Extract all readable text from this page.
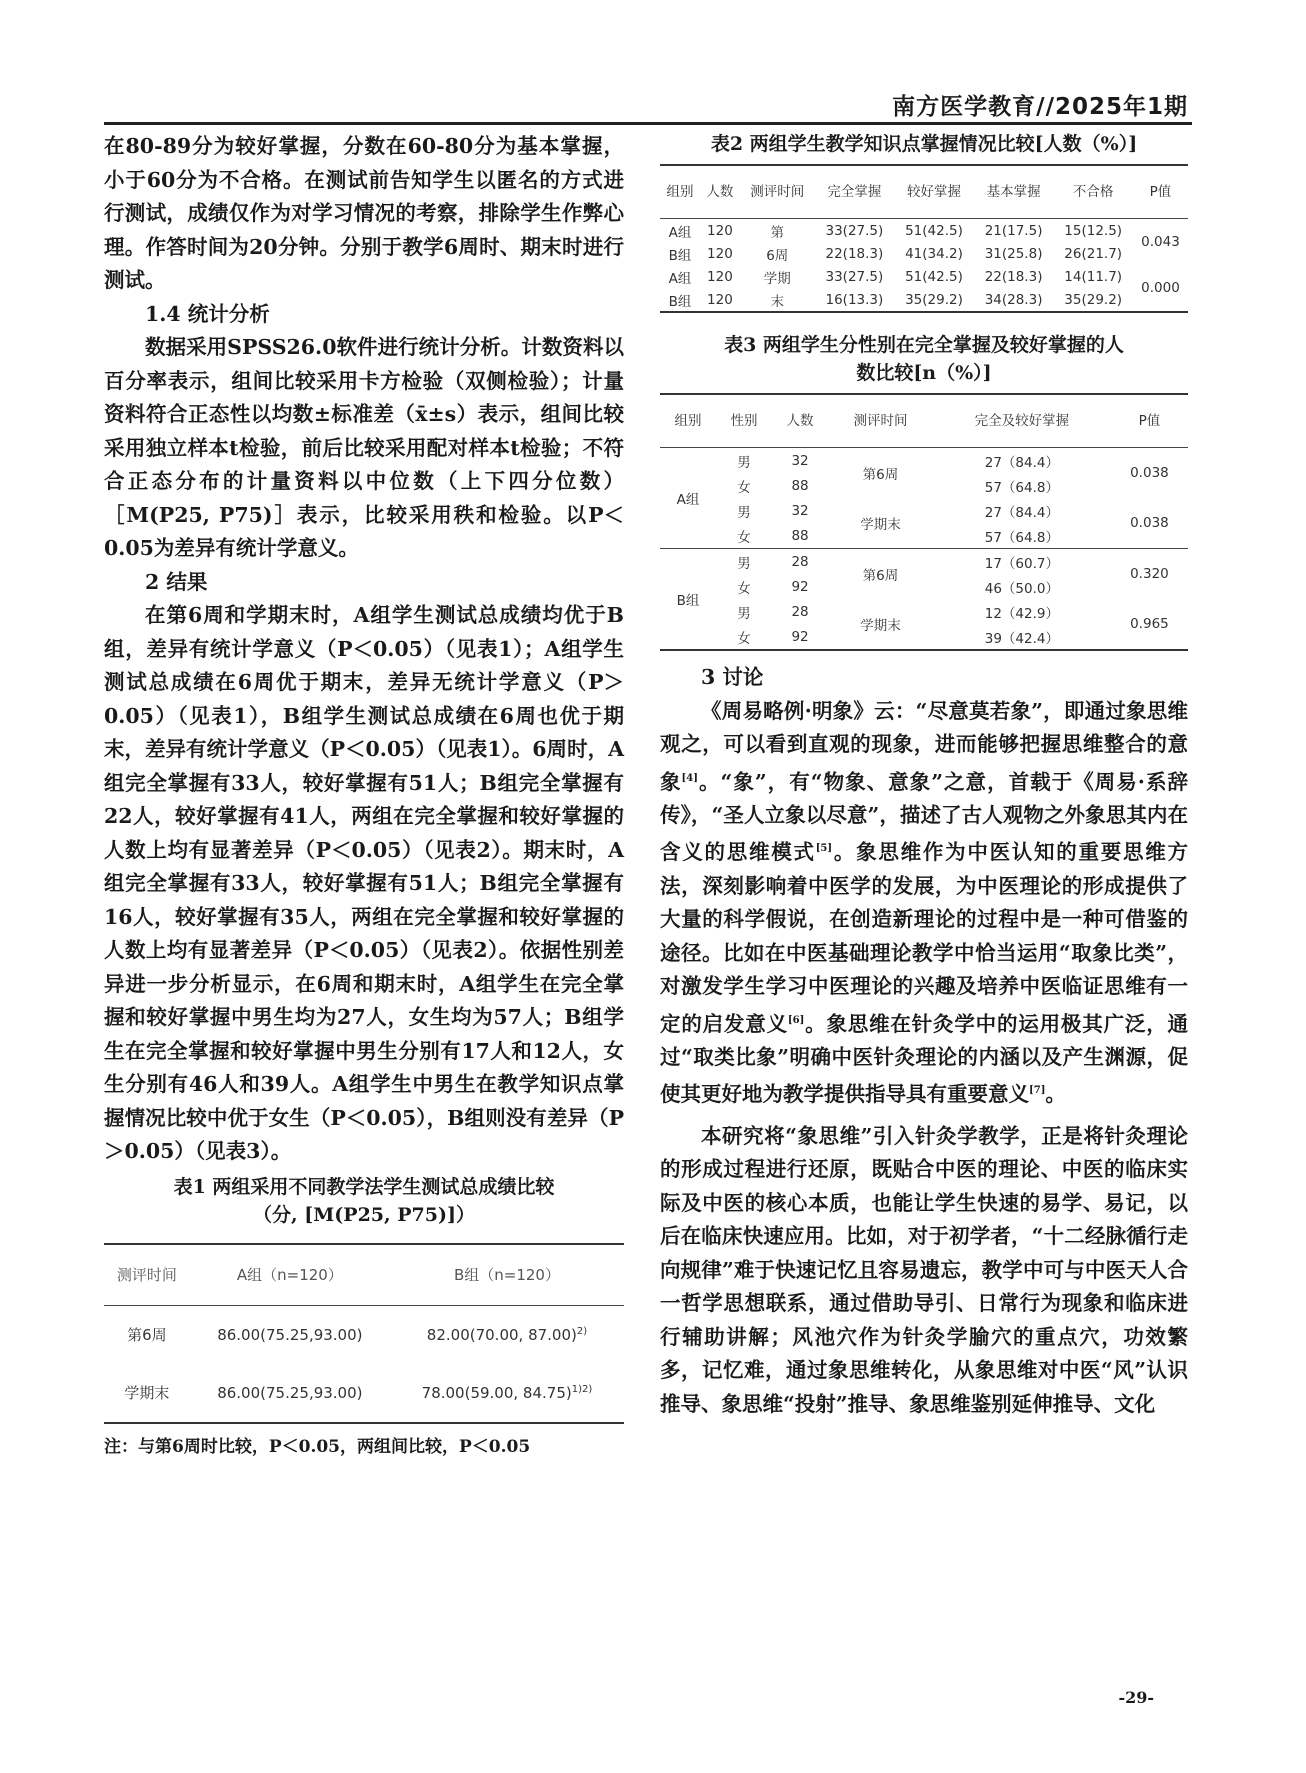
南方医学教育//2025年1期

在80-89分为较好掌握，分数在60-80分为基本掌握，小于60分为不合格。在测试前告知学生以匿名的方式进行测试，成绩仅作为对学习情况的考察，排除学生作弊心理。作答时间为20分钟。分别于教学6周时、期末时进行测试。

1.4 统计分析

数据采用SPSS26.0软件进行统计分析。计数资料以百分率表示，组间比较采用卡方检验（双侧检验）；计量资料符合正态性以均数±标准差（x̄±s）表示，组间比较采用独立样本t检验，前后比较采用配对样本t检验；不符合正态分布的计量资料以中位数（上下四分位数）［M(P25, P75)］表示，比较采用秩和检验。以P＜0.05为差异有统计学意义。

2 结果

在第6周和学期末时，A组学生测试总成绩均优于B组，差异有统计学意义（P＜0.05）（见表1）；A组学生测试总成绩在6周优于期末，差异无统计学意义（P＞0.05）（见表1），B组学生测试总成绩在6周也优于期末，差异有统计学意义（P＜0.05）（见表1）。6周时，A组完全掌握有33人，较好掌握有51人；B组完全掌握有22人，较好掌握有41人，两组在完全掌握和较好掌握的人数上均有显著差异（P＜0.05）（见表2）。期末时，A组完全掌握有33人，较好掌握有51人；B组完全掌握有16人，较好掌握有35人，两组在完全掌握和较好掌握的人数上均有显著差异（P＜0.05）（见表2）。依据性别差异进一步分析显示，在6周和期末时，A组学生在完全掌握和较好掌握中男生均为27人，女生均为57人；B组学生在完全掌握和较好掌握中男生分别有17人和12人，女生分别有46人和39人。A组学生中男生在教学知识点掌握情况比较中优于女生（P＜0.05），B组则没有差异（P＞0.05）（见表3）。

表1 两组采用不同教学法学生测试总成绩比较

（分, [M(P25, P75)]）

测评时间	A组（n=120）	B组（n=120）
第6周	86.00(75.25,93.00)	82.00(70.00, 87.00)$^{2)}$
学期末	86.00(75.25,93.00)	78.00(59.00, 84.75)$^{1)2)}$

注：与第6周时比较，P＜0.05，两组间比较，P＜0.05

表2 两组学生教学知识点掌握情况比较[人数（%）]

组别	人数	测评时间	完全掌握	较好掌握	基本掌握	不合格	P值
A组	120	第	33(27.5)	51(42.5)	21(17.5)	15(12.5)	0.043
B组	120	6周	22(18.3)	41(34.2)	31(25.8)	26(21.7)	
A组	120	学期	33(27.5)	51(42.5)	22(18.3)	14(11.7)	0.000
B组	120	末	16(13.3)	35(29.2)	34(28.3)	35(29.2)	

表3 两组学生分性别在完全掌握及较好掌握的人

数比较[n（%）]

组别	性别	人数	测评时间	完全及较好掌握	P值
A组	男	32	第6周	27（84.4）	0.038
	女	88		57（64.8）	
	男	32	学期末	27（84.4）	0.038
	女	88		57（64.8）	
B组	男	28	第6周	17（60.7）	0.320
	女	92		46（50.0）	
	男	28	学期末	12（42.9）	0.965
	女	92		39（42.4）	

3 讨论

《周易略例·明象》云：“尽意莫若象”，即通过象思维观之，可以看到直观的现象，进而能够把握思维整合的意象[4]。“象”，有“物象、意象”之意，首载于《周易·系辞传》，“圣人立象以尽意”，描述了古人观物之外象思其内在含义的思维模式[5]。象思维作为中医认知的重要思维方法，深刻影响着中医学的发展，为中医理论的形成提供了大量的科学假说，在创造新理论的过程中是一种可借鉴的途径。比如在中医基础理论教学中恰当运用“取象比类”，对激发学生学习中医理论的兴趣及培养中医临证思维有一定的启发意义[6]。象思维在针灸学中的运用极其广泛，通过“取类比象”明确中医针灸理论的内涵以及产生渊源，促使其更好地为教学提供指导具有重要意义[7]。

本研究将“象思维”引入针灸学教学，正是将针灸理论的形成过程进行还原，既贴合中医的理论、中医的临床实际及中医的核心本质，也能让学生快速的易学、易记，以后在临床快速应用。比如，对于初学者，“十二经脉循行走向规律”难于快速记忆且容易遗忘，教学中可与中医天人合一哲学思想联系，通过借助导引、日常行为现象和临床进行辅助讲解；风池穴作为针灸学腧穴的重点穴，功效繁多，记忆难，通过象思维转化，从象思维对中医“风”认识推导、象思维“投射”推导、象思维鉴别延伸推导、文化

-29-
